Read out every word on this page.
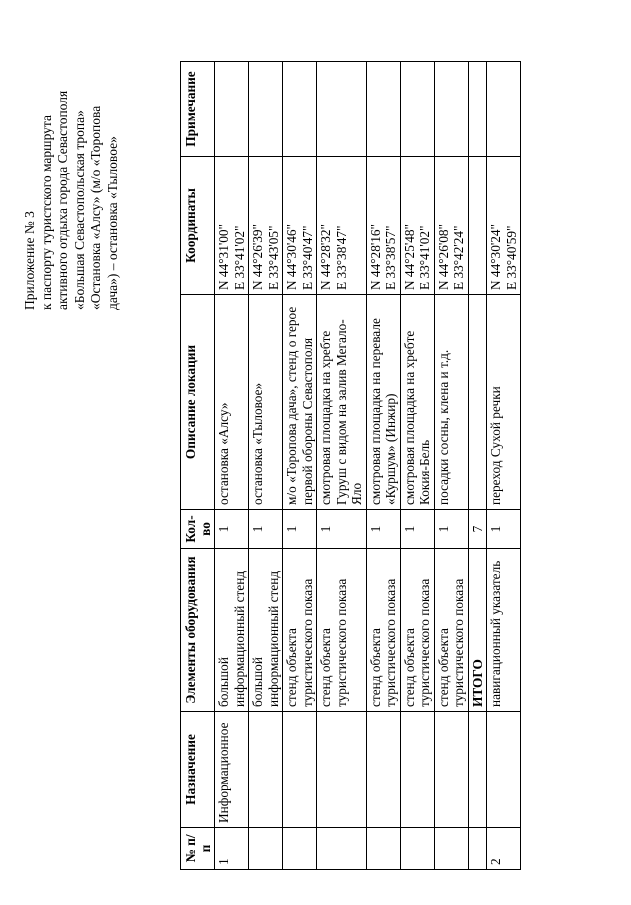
Приложение № 3 к паспорту туристского маршрута активного отдыха города Севастополя «Большая Севастопольская тропа» «Остановка «Алсу» (м/о «Торопова дача») – остановка «Тыловое»
№ п/п	Назначение	Элементы оборудования	Кол-во	Описание локации	Координаты	Примечание
1	Информационное	большой информационный стенд	1	остановка «Алсу»	N 44°31'00" E 33°41'02"	

		большой информационный стенд	1	остановка «Тыловое»	N 44°26'39" E 33°43'05"	

		стенд объекта туристического показа	1	м/о «Торопова дача», стенд о герое первой обороны Севастополя	N 44°30'46" E 33°40'47"	

		стенд объекта туристического показа	1	смотровая площадка на хребте Гуруш с видом на залив Мегало-Яло	N 44°28'32" E 33°38'47"	

		стенд объекта туристического показа	1	смотровая площадка на перевале «Куршум» (Инжир)	N 44°28'16" E 33°38'57"	

		стенд объекта туристического показа	1	смотровая площадка на хребте Кокия-Бель	N 44°25'48" E 33°41'02"	

		стенд объекта туристического показа	1	посадки сосны, клена и т.д.	N 44°26'08" E 33°42'24"	

		ИТОГО	7			
2		навигационный указатель	1	переход Сухой речки	N 44°30'24" E 33°40'59"	
